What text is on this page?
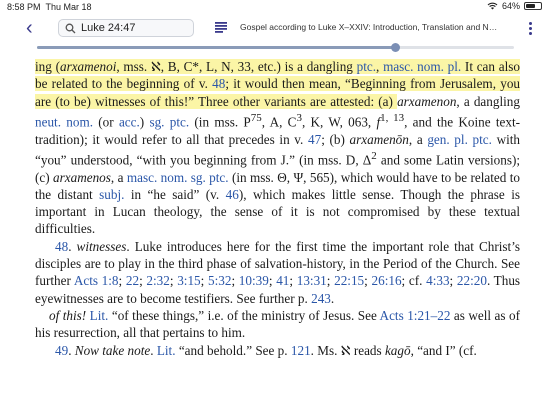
8:58 PM Thu Mar 18	64%
‹	Luke 24:47	Gospel according to Luke X–XXIV: Introduction, Translation and N…

ing (arxamenoi, mss. ℵ, B, C*, L, N, 33, etc.) is a dangling ptc., masc. nom. pl. It can also be related to the beginning of v. 48; it would then mean, “Beginning from Jerusalem, you are (to be) witnesses of this!” Three other variants are attested: (a) arxamenon, a dangling neut. nom. (or acc.) sg. ptc. (in mss. $P^{75}$, A, $C^3$, K, W, 063, $f^{1, 13}$, and the Koine text-tradition); it would refer to all that precedes in v. 47; (b) arxamenōn, a gen. pl. ptc. with “you” understood, “with you beginning from J.” (in mss. D, $\Delta^2$ and some Latin versions); (c) arxamenos, a masc. nom. sg. ptc. (in mss. Θ, Ψ, 565), which would have to be related to the distant subj. in “he said” (v. 46), which makes little sense. Though the phrase is important in Lucan theology, the sense of it is not compromised by these textual difficulties.

48. witnesses. Luke introduces here for the first time the important role that Christ’s disciples are to play in the third phase of salvation-history, in the Period of the Church. See further Acts 1:8; 22; 2:32; 3:15; 5:32; 10:39; 41; 13:31; 22:15; 26:16; cf. 4:33; 22:20. Thus eyewitnesses are to become testifiers. See further p. 243.

of this! Lit. “of these things,” i.e. of the ministry of Jesus. See Acts 1:21–22 as well as of his resurrection, all that pertains to him.

49. Now take note. Lit. “and behold.” See p. 121. Ms. ℵ reads kagō, “and I” (cf.
